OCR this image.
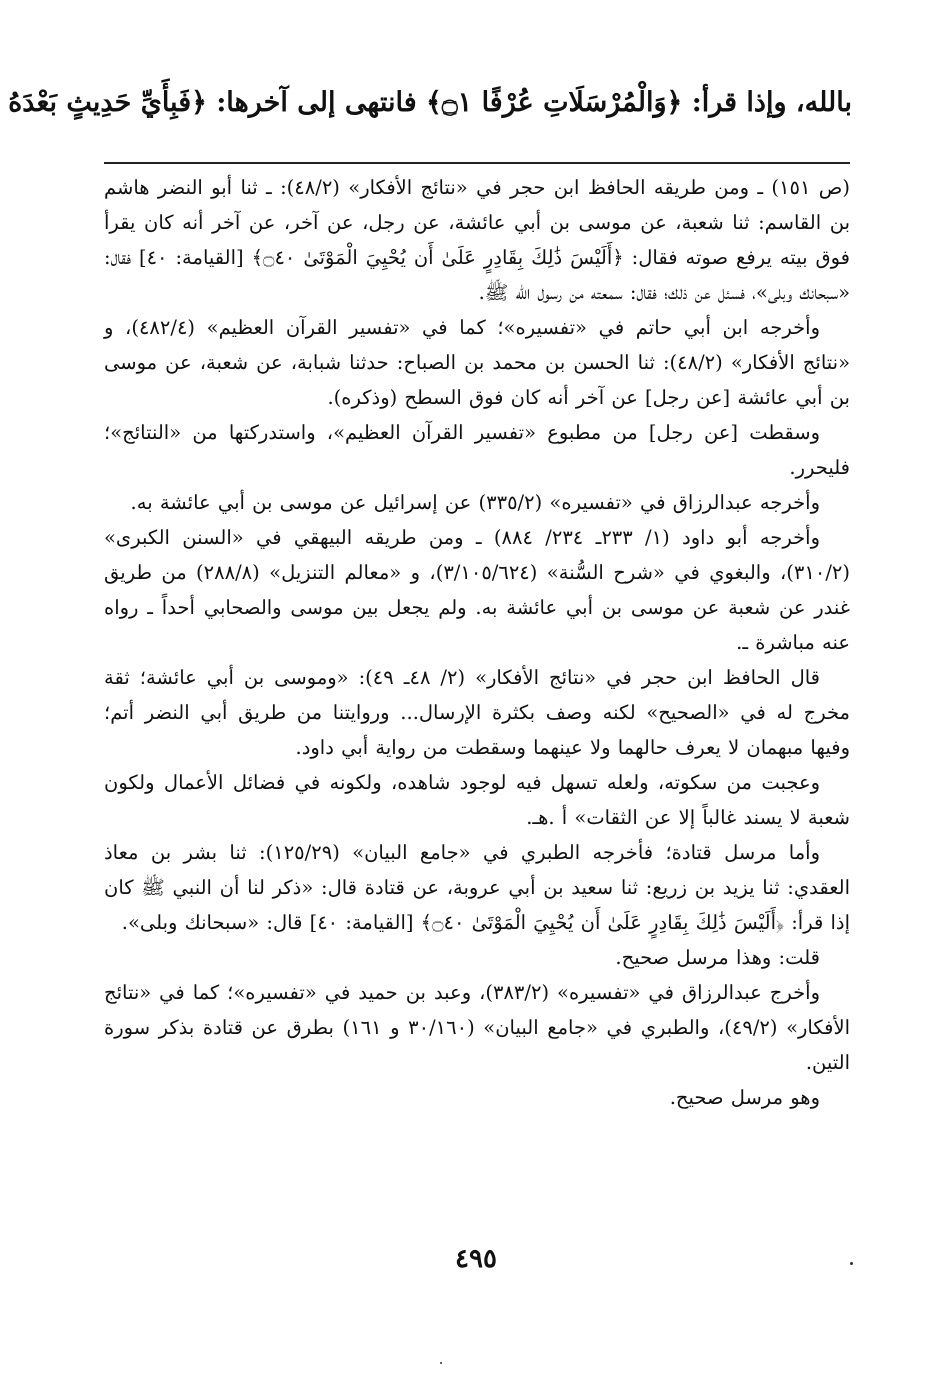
بالله، وإذا قرأ: ﴿وَالْمُرْسَلَاتِ عُرْفًا ۝١﴾ فانتهى إلى آخرها: ﴿فَبِأَيِّ حَدِيثٍ بَعْدَهُ

(ص ١٥١) ـ ومن طريقه الحافظ ابن حجر في «نتائج الأفكار» (٤٨/٢): ـ ثنا أبو النضر هاشم بن القاسم: ثنا شعبة، عن موسى بن أبي عائشة، عن رجل، عن آخر، عن آخر أنه كان يقرأ فوق بيته يرفع صوته فقال: ﴿أَلَيْسَ ذَٰلِكَ بِقَادِرٍ عَلَىٰ أَن يُحْيِيَ الْمَوْتَىٰ ۝٤٠﴾ [القيامة: ٤٠] فقال: «سبحانك وبلى»، فسئل عن ذلك؛ فقال: سمعته من رسول الله ﷺ.

وأخرجه ابن أبي حاتم في «تفسيره»؛ كما في «تفسير القرآن العظيم» (٤٨٢/٤)، و «نتائج الأفكار» (٤٨/٢): ثنا الحسن بن محمد بن الصباح: حدثنا شبابة، عن شعبة، عن موسى بن أبي عائشة [عن رجل] عن آخر أنه كان فوق السطح (وذكره).

وسقطت [عن رجل] من مطبوع «تفسير القرآن العظيم»، واستدركتها من «النتائج»؛ فليحرر.

وأخرجه عبدالرزاق في «تفسيره» (٣٣٥/٢) عن إسرائيل عن موسى بن أبي عائشة به.

وأخرجه أبو داود (١/ ٢٣٣ـ ٢٣٤/ ٨٨٤) ـ ومن طريقه البيهقي في «السنن الكبرى» (٣١٠/٢)، والبغوي في «شرح السُّنة» (٣/١٠٥/٦٢٤)، و «معالم التنزيل» (٢٨٨/٨) من طريق غندر عن شعبة عن موسى بن أبي عائشة به. ولم يجعل بين موسى والصحابي أحداً ـ رواه عنه مباشرة ـ.

قال الحافظ ابن حجر في «نتائج الأفكار» (٢/ ٤٨ـ ٤٩): «وموسى بن أبي عائشة؛ ثقة مخرج له في «الصحيح» لكنه وصف بكثرة الإرسال... وروايتنا من طريق أبي النضر أتم؛ وفيها مبهمان لا يعرف حالهما ولا عينهما وسقطت من رواية أبي داود.

وعجبت من سكوته، ولعله تسهل فيه لوجود شاهده، ولكونه في فضائل الأعمال ولكون شعبة لا يسند غالباً إلا عن الثقات» أ .هـ.

وأما مرسل قتادة؛ فأخرجه الطبري في «جامع البيان» (١٢٥/٢٩): ثنا بشر بن معاذ العقدي: ثنا يزيد بن زريع: ثنا سعيد بن أبي عروبة، عن قتادة قال: «ذكر لنا أن النبي ﷺ كان إذا قرأ: ﴿أَلَيْسَ ذَٰلِكَ بِقَادِرٍ عَلَىٰ أَن يُحْيِيَ الْمَوْتَىٰ ۝٤٠﴾ [القيامة: ٤٠] قال: «سبحانك وبلى».

قلت: وهذا مرسل صحيح.

وأخرج عبدالرزاق في «تفسيره» (٣٨٣/٢)، وعبد بن حميد في «تفسيره»؛ كما في «نتائج الأفكار» (٤٩/٢)، والطبري في «جامع البيان» (٣٠/١٦٠ و ١٦١) بطرق عن قتادة بذكر سورة التين.

وهو مرسل صحيح.

٤٩٥
